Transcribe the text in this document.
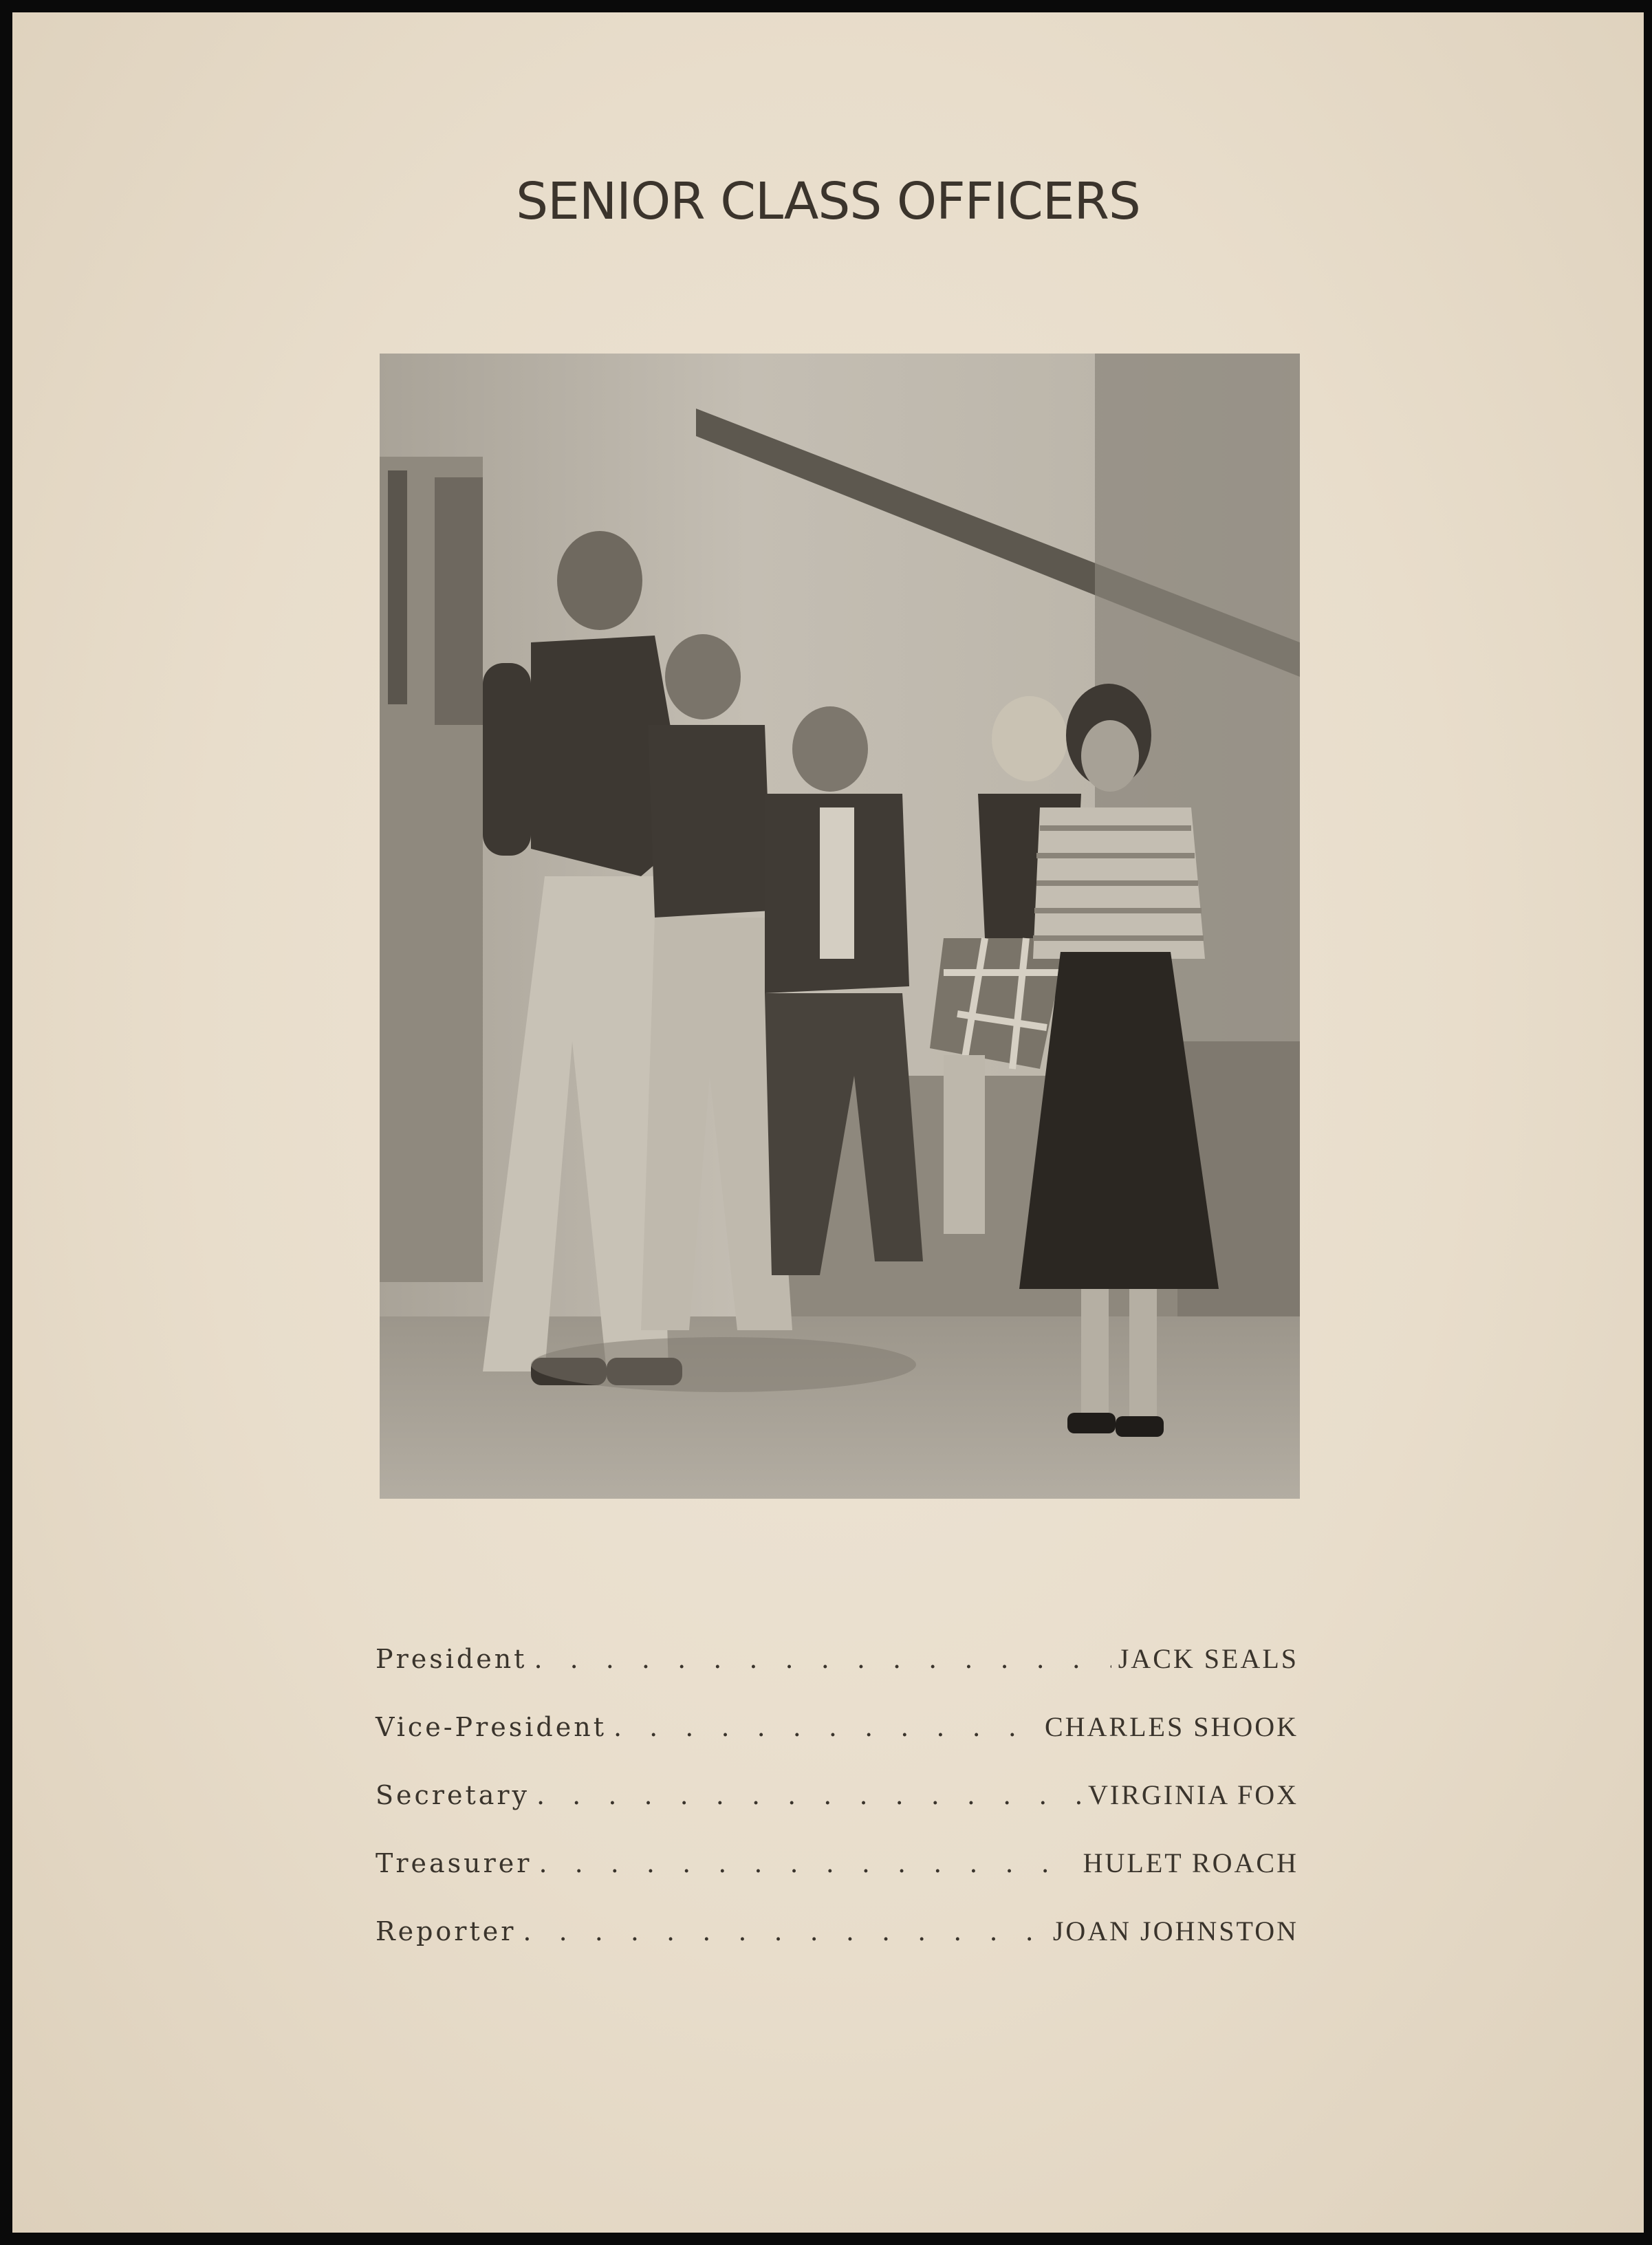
SENIOR CLASS OFFICERS
President . . .	JACK SEALS
Vice-President . . .	CHARLES SHOOK
Secretary . . .	VIRGINIA FOX
Treasurer . . .	HULET ROACH
Reporter . . .	JOAN JOHNSTON
